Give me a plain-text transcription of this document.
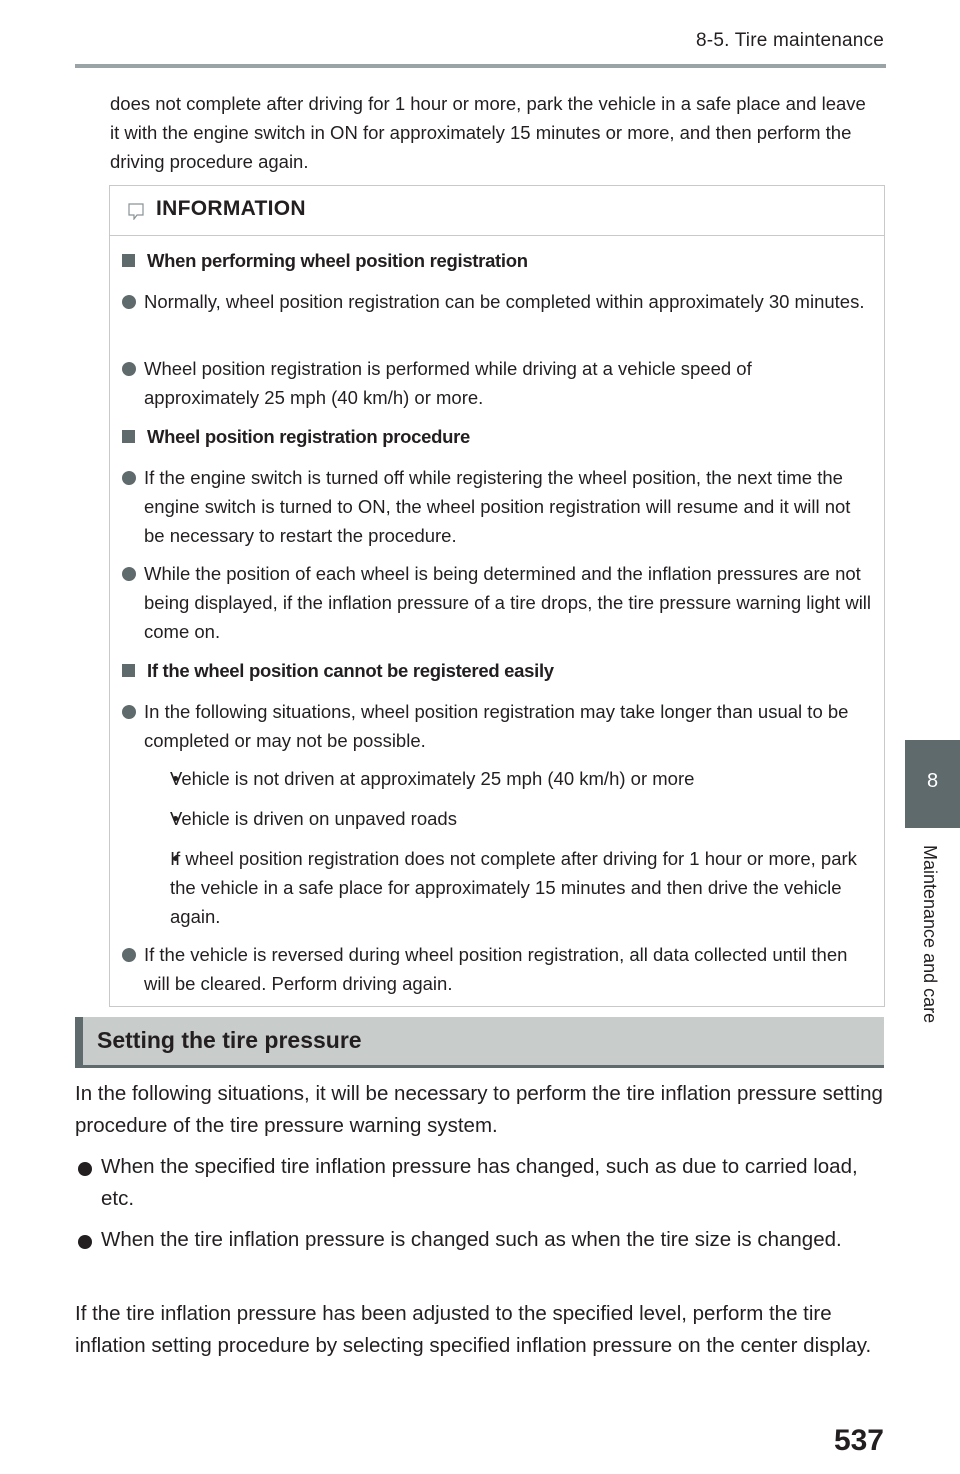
8-5. Tire maintenance
does not complete after driving for 1 hour or more, park the vehicle in a safe place and leave it with the engine switch in ON for approximately 15 minutes or more, and then perform the driving procedure again.
INFORMATION
When performing wheel position registration
Normally, wheel position registration can be completed within approximately 30 minutes.
Wheel position registration is performed while driving at a vehicle speed of approximately 25 mph (40 km/h) or more.
Wheel position registration procedure
If the engine switch is turned off while registering the wheel position, the next time the engine switch is turned to ON, the wheel position registration will resume and it will not be necessary to restart the procedure.
While the position of each wheel is being determined and the inflation pressures are not being displayed, if the inflation pressure of a tire drops, the tire pressure warning light will come on.
If the wheel position cannot be registered easily
In the following situations, wheel position registration may take longer than usual to be completed or may not be possible.
Vehicle is not driven at approximately 25 mph (40 km/h) or more
Vehicle is driven on unpaved roads
If wheel position registration does not complete after driving for 1 hour or more, park the vehicle in a safe place for approximately 15 minutes and then drive the vehicle again.
If the vehicle is reversed during wheel position registration, all data collected until then will be cleared. Perform driving again.
Setting the tire pressure
In the following situations, it will be necessary to perform the tire inflation pressure setting procedure of the tire pressure warning system.
When the specified tire inflation pressure has changed, such as due to carried load, etc.
When the tire inflation pressure is changed such as when the tire size is changed.
If the tire inflation pressure has been adjusted to the specified level, perform the tire inflation setting procedure by selecting specified inflation pressure on the center display.
8
Maintenance and care
537
